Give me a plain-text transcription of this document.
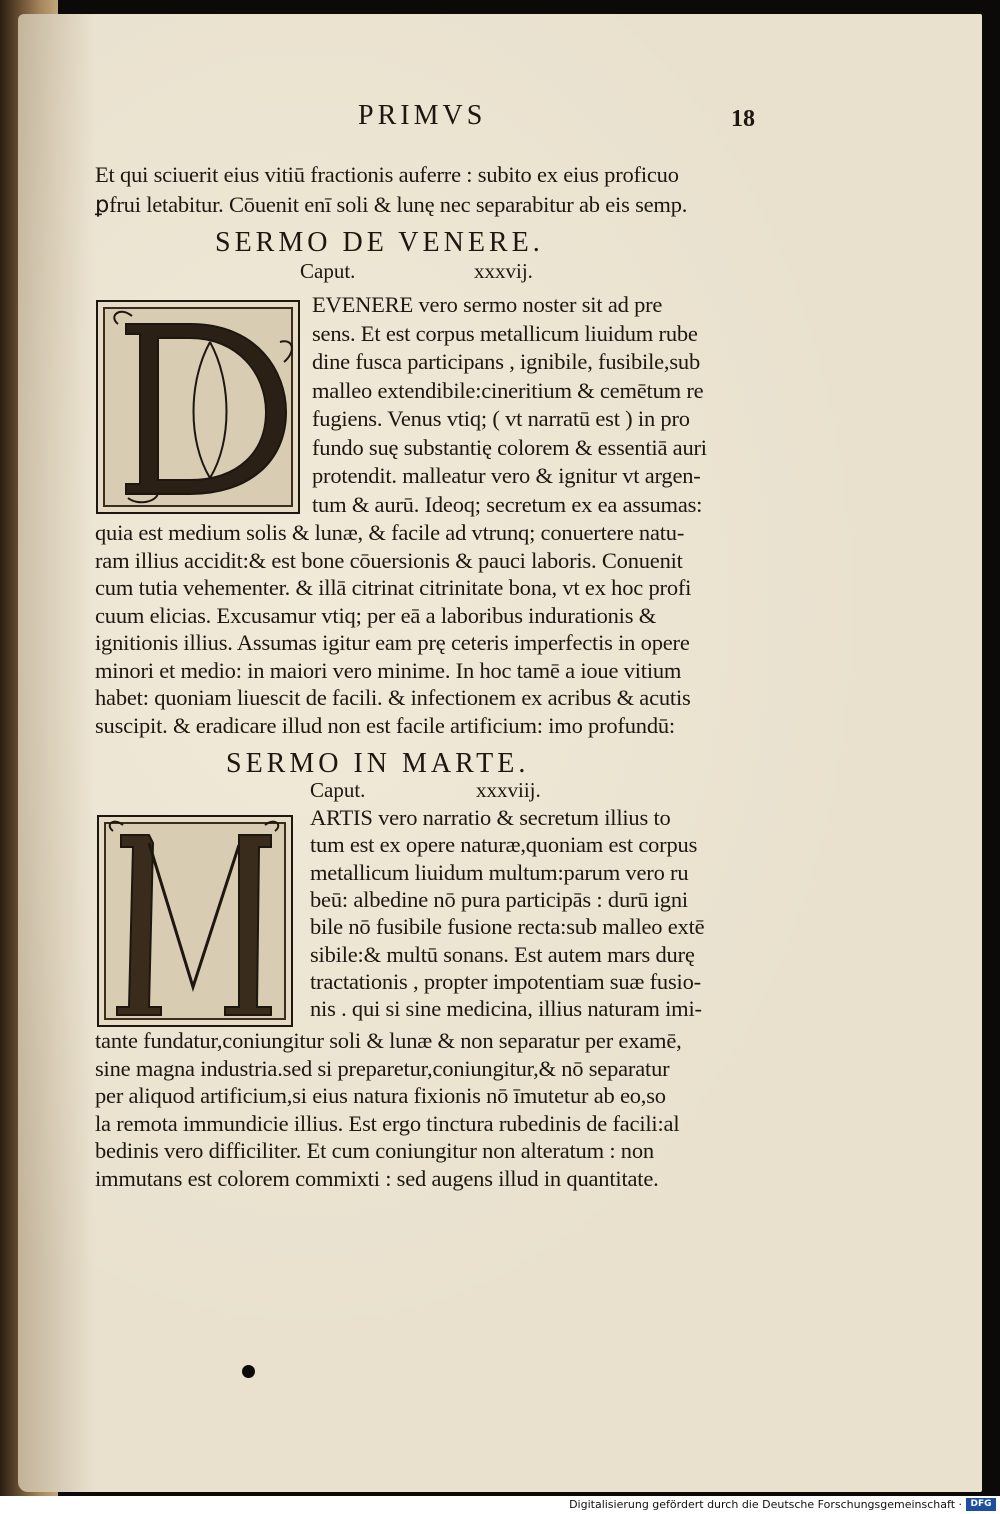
PRIMVS	18
Et qui sciuerit eius vitiū fractionis auferre : subito ex eius proficuo
ꝑfrui letabitur. Cōuenit enī soli & lunę nec separabitur ab eis semp.
SERMO DE VENERE.
Caput.	xxxvij.
EVENERE vero sermo noster sit ad pre
sens. Et est corpus metallicum liuidum rube
dine fusca participans , ignibile, fusibile,sub
malleo extendibile:cineritium & cemētum re
fugiens. Venus vtiq; ( vt narratū est ) in pro
fundo suę substantię colorem & essentiā auri
protendit. malleatur vero & ignitur vt argen-
tum & aurū. Ideoq; secretum ex ea assumas:
quia est medium solis & lunæ, & facile ad vtrunq; conuertere natu-
ram illius accidit:& est bone cōuersionis & pauci laboris. Conuenit
cum tutia vehementer. & illā citrinat citrinitate bona, vt ex hoc profi
cuum elicias. Excusamur vtiq; per eā a laboribus indurationis &
ignitionis illius. Assumas igitur eam prę ceteris imperfectis in opere
minori et medio: in maiori vero minime. In hoc tamē a ioue vitium
habet: quoniam liuescit de facili. & infectionem ex acribus & acutis
suscipit. & eradicare illud non est facile artificium: imo profundū:
SERMO IN MARTE.
Caput.	xxxviij.
ARTIS vero narratio & secretum illius to
tum est ex opere naturæ,quoniam est corpus
metallicum liuidum multum:parum vero ru
beū: albedine nō pura participās : durū igni
bile nō fusibile fusione recta:sub malleo extē
sibile:& multū sonans. Est autem mars durę
tractationis , propter impotentiam suæ fusio-
nis . qui si sine medicina, illius naturam imi-
tante fundatur,coniungitur soli & lunæ & non separatur per examē,
sine magna industria.sed si preparetur,coniungitur,& nō separatur
per aliquod artificium,si eius natura fixionis nō īmutetur ab eo,so
la remota immundicie illius. Est ergo tinctura rubedinis de facili:al
bedinis vero difficiliter. Et cum coniungitur non alteratum : non
immutans est colorem commixti : sed augens illud in quantitate.
Digitalisierung gefördert durch die Deutsche Forschungsgemeinschaft · DFG
